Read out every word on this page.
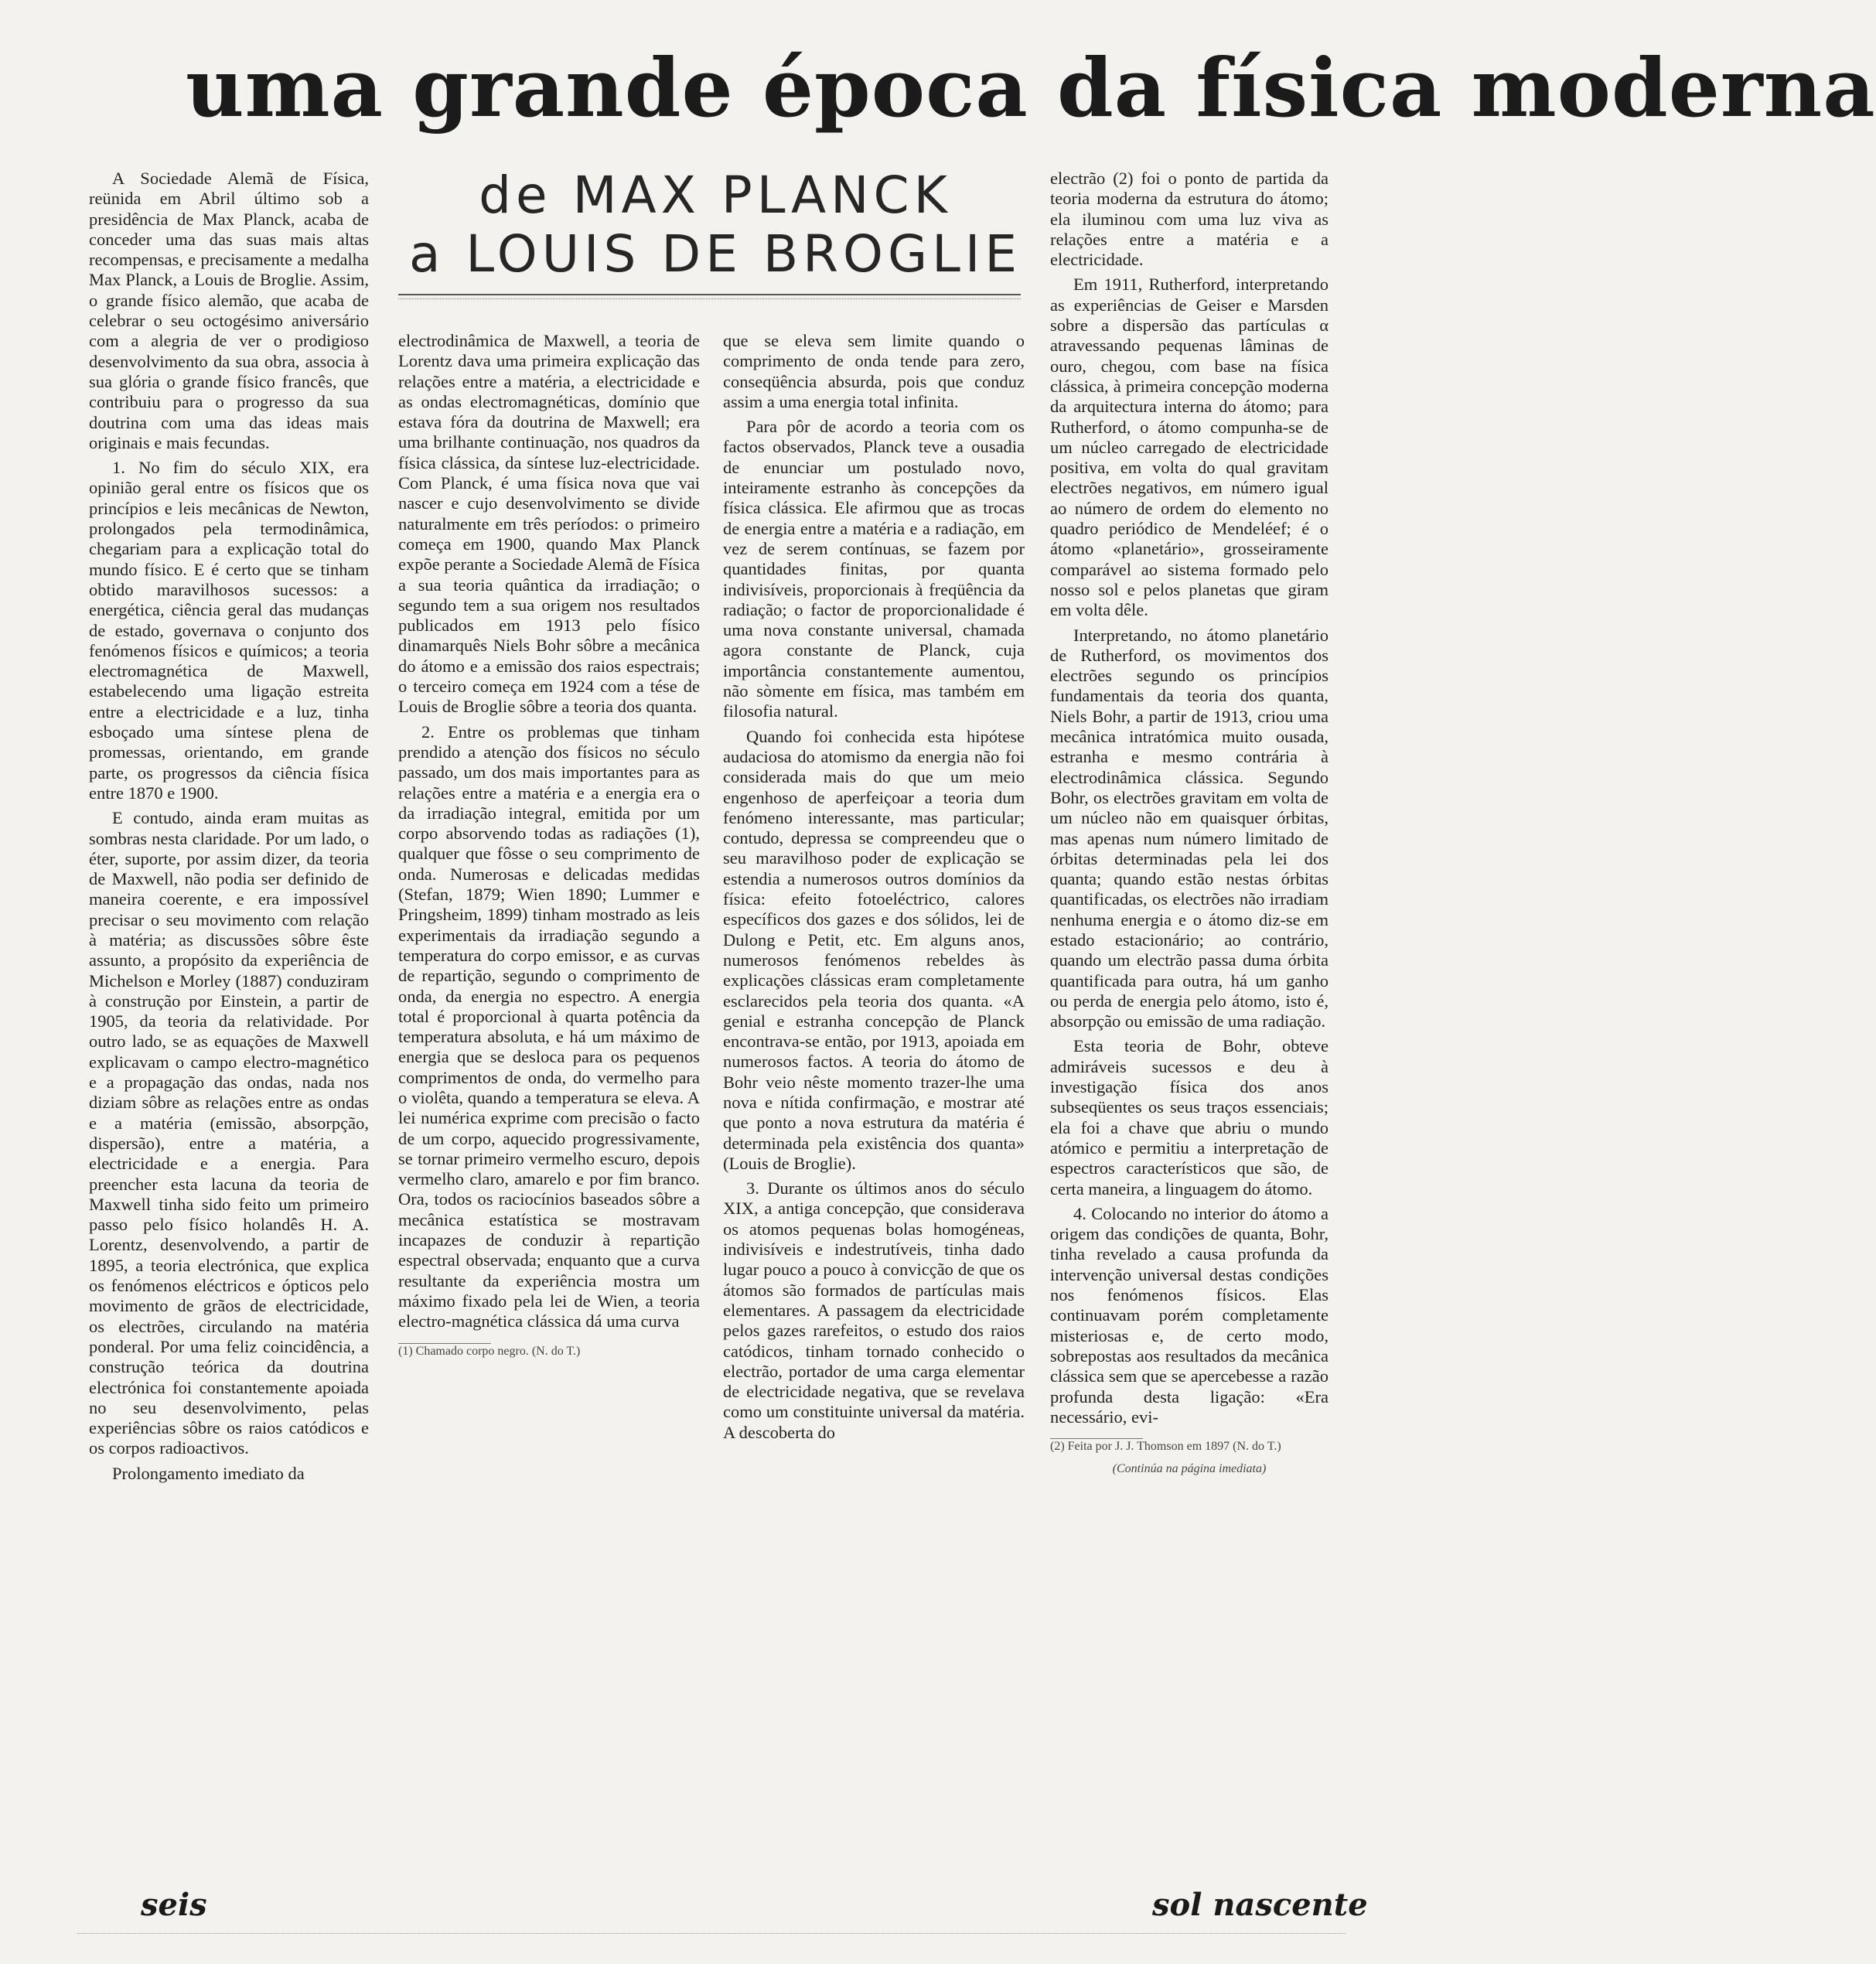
uma grande época da física moderna
de MAX PLANCK
a LOUIS DE BROGLIE

A Sociedade Alemã de Física, reünida em Abril último sob a presidência de Max Planck, acaba de conceder uma das suas mais altas recompensas, e precisamente a medalha Max Planck, a Louis de Broglie. Assim, o grande físico alemão, que acaba de celebrar o seu octogésimo aniversário com a alegria de ver o prodigioso desenvolvimento da sua obra, associa à sua glória o grande físico francês, que contribuiu para o progresso da sua doutrina com uma das ideas mais originais e mais fecundas.

1. No fim do século XIX, era opinião geral entre os físicos que os princípios e leis mecânicas de Newton, prolongados pela termodinâmica, chegariam para a explicação total do mundo físico. E é certo que se tinham obtido maravilhosos sucessos: a energética, ciência geral das mudanças de estado, governava o conjunto dos fenómenos físicos e químicos; a teoria electromagnética de Maxwell, estabelecendo uma ligação estreita entre a electricidade e a luz, tinha esboçado uma síntese plena de promessas, orientando, em grande parte, os progressos da ciência física entre 1870 e 1900.

E contudo, ainda eram muitas as sombras nesta claridade. Por um lado, o éter, suporte, por assim dizer, da teoria de Maxwell, não podia ser definido de maneira coerente, e era impossível precisar o seu movimento com relação à matéria; as discussões sôbre êste assunto, a propósito da experiência de Michelson e Morley (1887) conduziram à construção por Einstein, a partir de 1905, da teoria da relatividade. Por outro lado, se as equações de Maxwell explicavam o campo electro-magnético e a propagação das ondas, nada nos diziam sôbre as relações entre as ondas e a matéria (emissão, absorpção, dispersão), entre a matéria, a electricidade e a energia. Para preencher esta lacuna da teoria de Maxwell tinha sido feito um primeiro passo pelo físico holandês H. A. Lorentz, desenvolvendo, a partir de 1895, a teoria electrónica, que explica os fenómenos eléctricos e ópticos pelo movimento de grãos de electricidade, os electrões, circulando na matéria ponderal. Por uma feliz coincidência, a construção teórica da doutrina electrónica foi constantemente apoiada no seu desenvolvimento, pelas experiências sôbre os raios catódicos e os corpos radioactivos.

Prolongamento imediato da

electrodinâmica de Maxwell, a teoria de Lorentz dava uma primeira explicação das relações entre a matéria, a electricidade e as ondas electromagnéticas, domínio que estava fóra da doutrina de Maxwell; era uma brilhante continuação, nos quadros da física clássica, da síntese luz-electricidade. Com Planck, é uma física nova que vai nascer e cujo desenvolvimento se divide naturalmente em três períodos: o primeiro começa em 1900, quando Max Planck expõe perante a Sociedade Alemã de Física a sua teoria quântica da irradiação; o segundo tem a sua origem nos resultados publicados em 1913 pelo físico dinamarquês Niels Bohr sôbre a mecânica do átomo e a emissão dos raios espectrais; o terceiro começa em 1924 com a tése de Louis de Broglie sôbre a teoria dos quanta.

2. Entre os problemas que tinham prendido a atenção dos físicos no século passado, um dos mais importantes para as relações entre a matéria e a energia era o da irradiação integral, emitida por um corpo absorvendo todas as radiações (1), qualquer que fôsse o seu comprimento de onda. Numerosas e delicadas medidas (Stefan, 1879; Wien 1890; Lummer e Pringsheim, 1899) tinham mostrado as leis experimentais da irradiação segundo a temperatura do corpo emissor, e as curvas de repartição, segundo o comprimento de onda, da energia no espectro. A energia total é proporcional à quarta potência da temperatura absoluta, e há um máximo de energia que se desloca para os pequenos comprimentos de onda, do vermelho para o violêta, quando a temperatura se eleva. A lei numérica exprime com precisão o facto de um corpo, aquecido progressivamente, se tornar primeiro vermelho escuro, depois vermelho claro, amarelo e por fim branco. Ora, todos os raciocínios baseados sôbre a mecânica estatística se mostravam incapazes de conduzir à repartição espectral observada; enquanto que a curva resultante da experiência mostra um máximo fixado pela lei de Wien, a teoria electro-magnética clássica dá uma curva

(1) Chamado corpo negro. (N. do T.)

que se eleva sem limite quando o comprimento de onda tende para zero, conseqüência absurda, pois que conduz assim a uma energia total infinita.

Para pôr de acordo a teoria com os factos observados, Planck teve a ousadia de enunciar um postulado novo, inteiramente estranho às concepções da física clássica. Ele afirmou que as trocas de energia entre a matéria e a radiação, em vez de serem contínuas, se fazem por quantidades finitas, por quanta indivisíveis, proporcionais à freqüência da radiação; o factor de proporcionalidade é uma nova constante universal, chamada agora constante de Planck, cuja importância constantemente aumentou, não sòmente em física, mas também em filosofia natural.

Quando foi conhecida esta hipótese audaciosa do atomismo da energia não foi considerada mais do que um meio engenhoso de aperfeiçoar a teoria dum fenómeno interessante, mas particular; contudo, depressa se compreendeu que o seu maravilhoso poder de explicação se estendia a numerosos outros domínios da física: efeito fotoeléctrico, calores específicos dos gazes e dos sólidos, lei de Dulong e Petit, etc. Em alguns anos, numerosos fenómenos rebeldes às explicações clássicas eram completamente esclarecidos pela teoria dos quanta. «A genial e estranha concepção de Planck encontrava-se então, por 1913, apoiada em numerosos factos. A teoria do átomo de Bohr veio nêste momento trazer-lhe uma nova e nítida confirmação, e mostrar até que ponto a nova estrutura da matéria é determinada pela existência dos quanta» (Louis de Broglie).

3. Durante os últimos anos do século XIX, a antiga concepção, que considerava os atomos pequenas bolas homogéneas, indivisíveis e indestrutíveis, tinha dado lugar pouco a pouco à convicção de que os átomos são formados de partículas mais elementares. A passagem da electricidade pelos gazes rarefeitos, o estudo dos raios catódicos, tinham tornado conhecido o electrão, portador de uma carga elementar de electricidade negativa, que se revelava como um constituinte universal da matéria. A descoberta do

electrão (2) foi o ponto de partida da teoria moderna da estrutura do átomo; ela iluminou com uma luz viva as relações entre a matéria e a electricidade.

Em 1911, Rutherford, interpretando as experiências de Geiser e Marsden sobre a dispersão das partículas α atravessando pequenas lâminas de ouro, chegou, com base na física clássica, à primeira concepção moderna da arquitectura interna do átomo; para Rutherford, o átomo compunha-se de um núcleo carregado de electricidade positiva, em volta do qual gravitam electrões negativos, em número igual ao número de ordem do elemento no quadro periódico de Mendeléef; é o átomo «planetário», grosseiramente comparável ao sistema formado pelo nosso sol e pelos planetas que giram em volta dêle.

Interpretando, no átomo planetário de Rutherford, os movimentos dos electrões segundo os princípios fundamentais da teoria dos quanta, Niels Bohr, a partir de 1913, criou uma mecânica intratómica muito ousada, estranha e mesmo contrária à electrodinâmica clássica. Segundo Bohr, os electrões gravitam em volta de um núcleo não em quaisquer órbitas, mas apenas num número limitado de órbitas determinadas pela lei dos quanta; quando estão nestas órbitas quantificadas, os electrões não irradiam nenhuma energia e o átomo diz-se em estado estacionário; ao contrário, quando um electrão passa duma órbita quantificada para outra, há um ganho ou perda de energia pelo átomo, isto é, absorpção ou emissão de uma radiação.

Esta teoria de Bohr, obteve admiráveis sucessos e deu à investigação física dos anos subseqüentes os seus traços essenciais; ela foi a chave que abriu o mundo atómico e permitiu a interpretação de espectros característicos que são, de certa maneira, a linguagem do átomo.

4. Colocando no interior do átomo a origem das condições de quanta, Bohr, tinha revelado a causa profunda da intervenção universal destas condições nos fenómenos físicos. Elas continuavam porém completamente misteriosas e, de certo modo, sobrepostas aos resultados da mecânica clássica sem que se apercebesse a razão profunda desta ligação: «Era necessário, evi-

(2) Feita por J. J. Thomson em 1897 (N. do T.)

(Continúa na página imediata)

seis	sol nascente
